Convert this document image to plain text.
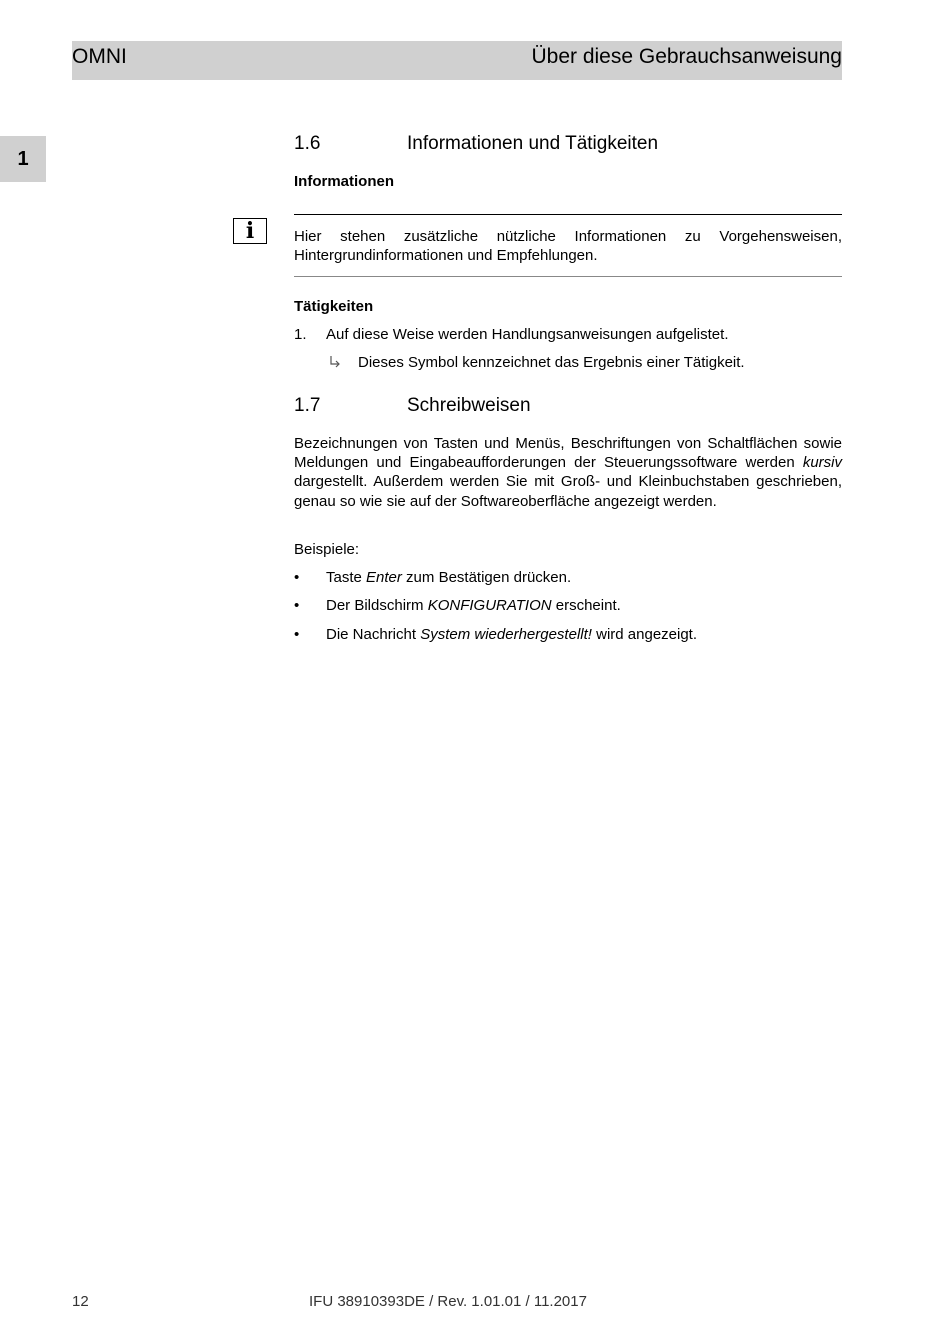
OMNI	Über diese Gebrauchsanweisung
1
1.6	Informationen und Tätigkeiten
Informationen
i	Hier stehen zusätzliche nützliche Informationen zu Vorgehensweisen, Hintergrundinformationen und Empfehlungen.
Tätigkeiten
1. Auf diese Weise werden Handlungsanweisungen aufgelistet.
Dieses Symbol kennzeichnet das Ergebnis einer Tätigkeit.
1.7	Schreibweisen
Bezeichnungen von Tasten und Menüs, Beschriftungen von Schaltflächen sowie Meldungen und Eingabeaufforderungen der Steuerungssoftware werden kursiv dargestellt. Außerdem werden Sie mit Groß- und Kleinbuchstaben geschrieben, genau so wie sie auf der Softwareoberfläche angezeigt werden.
Beispiele:
• Taste Enter zum Bestätigen drücken.
• Der Bildschirm KONFIGURATION erscheint.
• Die Nachricht System wiederhergestellt! wird angezeigt.
12	IFU 38910393DE / Rev. 1.01.01 / 11.2017
